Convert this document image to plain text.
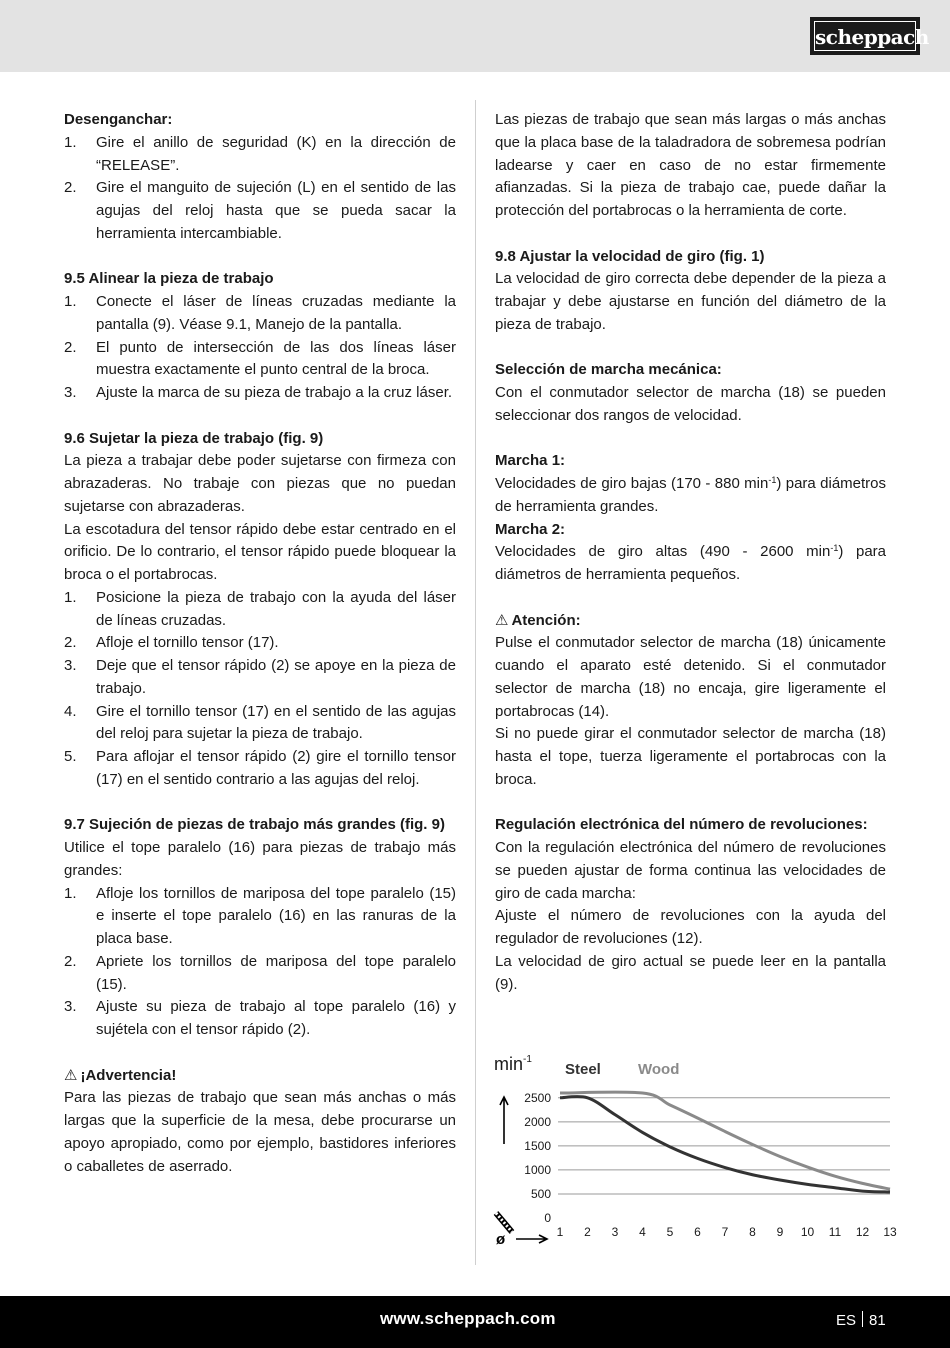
scheppach
Desenganchar:
1.	Gire el anillo de seguridad (K) en la dirección de “RELEASE”.
2.	Gire el manguito de sujeción (L) en el sentido de las agujas del reloj hasta que se pueda sacar la herramienta intercambiable.
9.5 Alinear la pieza de trabajo
1.	Conecte el láser de líneas cruzadas mediante la pantalla (9). Véase 9.1, Manejo de la pantalla.
2.	El punto de intersección de las dos líneas láser muestra exactamente el punto central de la broca.
3.	Ajuste la marca de su pieza de trabajo a la cruz láser.
9.6 Sujetar la pieza de trabajo (fig. 9)
La pieza a trabajar debe poder sujetarse con firmeza con abrazaderas. No trabaje con piezas que no puedan sujetarse con abrazaderas.
La escotadura del tensor rápido debe estar centrado en el orificio. De lo contrario, el tensor rápido puede bloquear la broca o el portabrocas.
1.	Posicione la pieza de trabajo con la ayuda del láser de líneas cruzadas.
2.	Afloje el tornillo tensor (17).
3.	Deje que el tensor rápido (2) se apoye en la pieza de trabajo.
4.	Gire el tornillo tensor (17) en el sentido de las agujas del reloj para sujetar la pieza de trabajo.
5.	Para aflojar el tensor rápido (2) gire el tornillo tensor (17) en el sentido contrario a las agujas del reloj.
9.7 Sujeción de piezas de trabajo más grandes (fig. 9)
Utilice el tope paralelo (16) para piezas de trabajo más grandes:
1.	Afloje los tornillos de mariposa del tope paralelo (15) e inserte el tope paralelo (16) en las ranuras de la placa base.
2.	Apriete los tornillos de mariposa del tope paralelo (15).
3.	Ajuste su pieza de trabajo al tope paralelo (16) y sujétela con el tensor rápido (2).
⚠ ¡Advertencia!
Para las piezas de trabajo que sean más anchas o más largas que la superficie de la mesa, debe procurarse un apoyo apropiado, como por ejemplo, bastidores inferiores o caballetes de aserrado.
Las piezas de trabajo que sean más largas o más anchas que la placa base de la taladradora de sobremesa podrían ladearse y caer en caso de no estar firmemente afianzadas. Si la pieza de trabajo cae, puede dañar la protección del portabrocas o la herramienta de corte.
9.8 Ajustar la velocidad de giro (fig. 1)
La velocidad de giro correcta debe depender de la pieza a trabajar y debe ajustarse en función del diámetro de la pieza de trabajo.
Selección de marcha mecánica:
Con el conmutador selector de marcha (18) se pueden seleccionar dos rangos de velocidad.
Marcha 1:
Velocidades de giro bajas (170 - 880 $\min^{-1}$) para diámetros de herramienta grandes.
Marcha 2:
Velocidades de giro altas (490 - 2600 $\min^{-1}$) para diámetros de herramienta pequeños.
⚠ Atención:
Pulse el conmutador selector de marcha (18) únicamente cuando el aparato esté detenido. Si el conmutador selector de marcha (18) no encaja, gire ligeramente el portabrocas (14).
Si no puede girar el conmutador selector de marcha (18) hasta el tope, tuerza ligeramente el portabrocas con la broca.
Regulación electrónica del número de revoluciones:
Con la regulación electrónica del número de revoluciones se pueden ajustar de forma continua las velocidades de giro de cada marcha:
Ajuste el número de revoluciones con la ayuda del regulador de revoluciones (12).
La velocidad de giro actual se puede leer en la pantalla (9).
$\min^{-1}$
Steel Wood
ø
0
500
1000
1500
2000
2500
1 2 3 4 5 6 7 8 9 10 11 12 13
www.scheppach.com	ES 81
